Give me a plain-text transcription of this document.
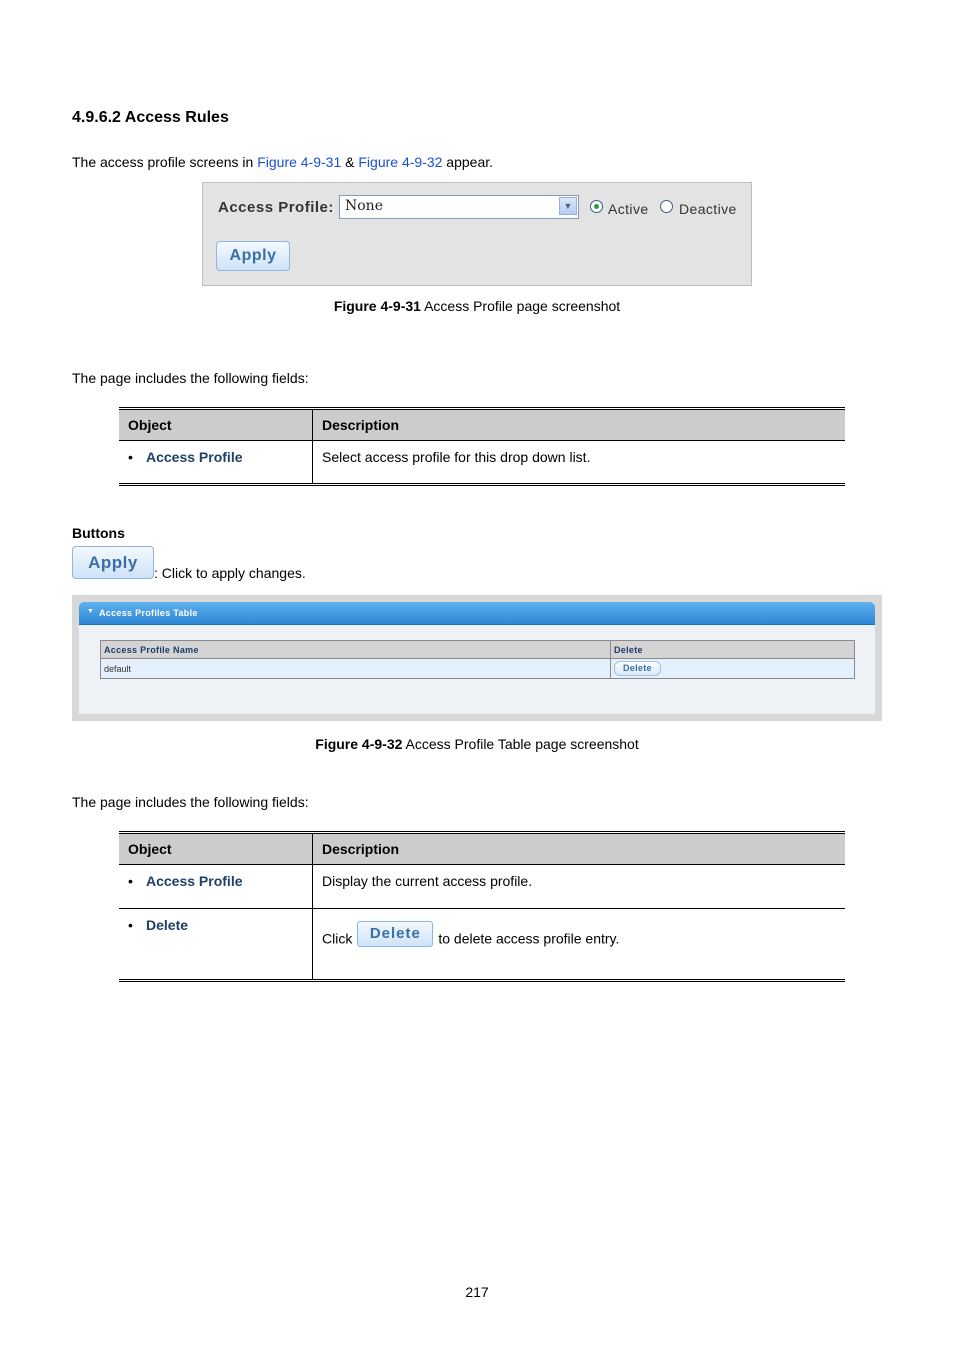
4.9.6.2 Access Rules
The access profile screens in Figure 4-9-31 & Figure 4-9-32 appear.
Access Profile: None	▼	Active Deactive
Apply
Figure 4-9-31 Access Profile page screenshot
The page includes the following fields:
Object	Description
• Access Profile	Select access profile for this drop down list.
Buttons
Apply
: Click to apply changes.
▼ Access Profiles Table
Access Profile Name	Delete
default	Delete
Figure 4-9-32 Access Profile Table page screenshot
The page includes the following fields:
Object	Description
• Access Profile	Display the current access profile.
• Delete	Click Delete to delete access profile entry.
217
